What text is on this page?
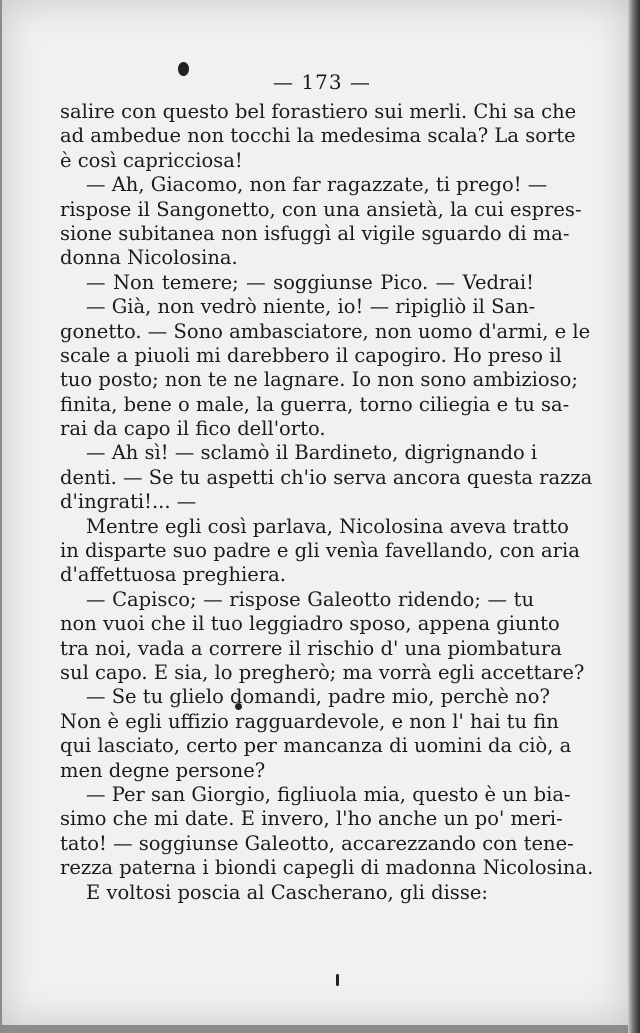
— 173 —
salire con questo bel forastiero sui merli. Chi sa che
ad ambedue non tocchi la medesima scala? La sorte
è così capricciosa!
— Ah, Giacomo, non far ragazzate, ti prego! —
rispose il Sangonetto, con una ansietà, la cui espres-
sione subitanea non isfuggì al vigile sguardo di ma-
donna Nicolosina.
— Non temere; — soggiunse Pico. — Vedrai!
— Già, non vedrò niente, io! — ripigliò il San-
gonetto. — Sono ambasciatore, non uomo d'armi, e le
scale a piuoli mi darebbero il capogiro. Ho preso il
tuo posto; non te ne lagnare. Io non sono ambizioso;
finita, bene o male, la guerra, torno ciliegia e tu sa-
rai da capo il fico dell'orto.
— Ah sì! — sclamò il Bardineto, digrignando i
denti. — Se tu aspetti ch'io serva ancora questa razza
d'ingrati!... —
Mentre egli così parlava, Nicolosina aveva tratto
in disparte suo padre e gli venìa favellando, con aria
d'affettuosa preghiera.
— Capisco; — rispose Galeotto ridendo; — tu
non vuoi che il tuo leggiadro sposo, appena giunto
tra noi, vada a correre il rischio d' una piombatura
sul capo. E sia, lo pregherò; ma vorrà egli accettare?
— Se tu glielo domandi, padre mio, perchè no?
Non è egli uffizio ragguardevole, e non l' hai tu fin
qui lasciato, certo per mancanza di uomini da ciò, a
men degne persone?
— Per san Giorgio, figliuola mia, questo è un bia-
simo che mi date. E invero, l'ho anche un po' meri-
tato! — soggiunse Galeotto, accarezzando con tene-
rezza paterna i biondi capegli di madonna Nicolosina.
E voltosi poscia al Cascherano, gli disse:
